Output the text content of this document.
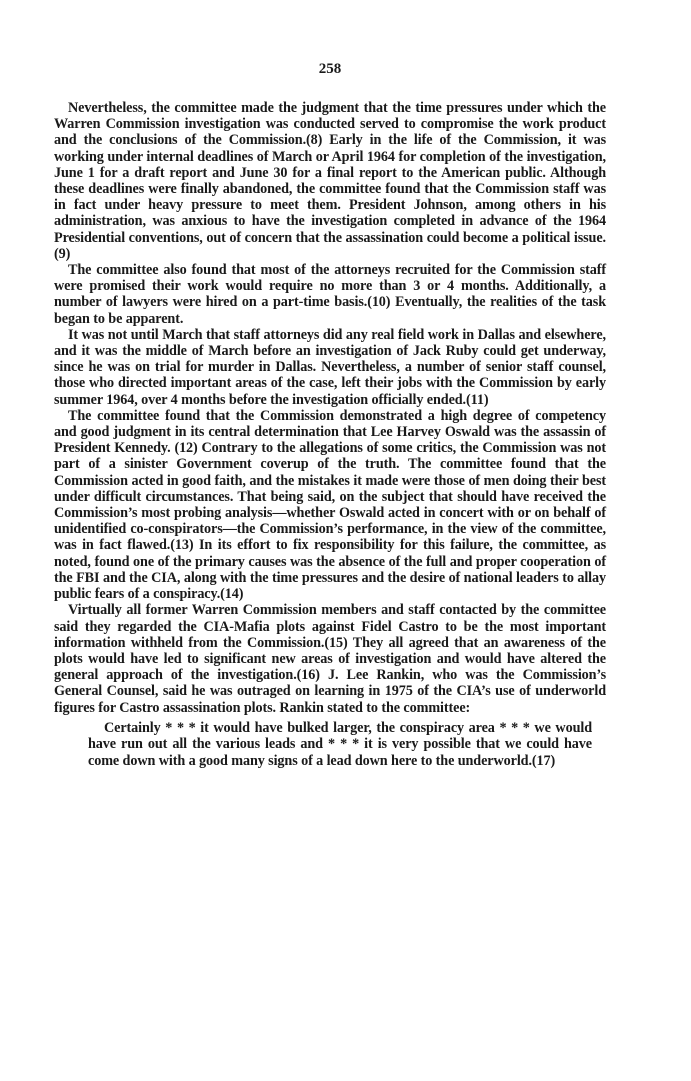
258

Nevertheless, the committee made the judgment that the time pressures under which the Warren Commission investigation was conducted served to compromise the work product and the conclusions of the Commission.(8) Early in the life of the Commission, it was working under internal deadlines of March or April 1964 for completion of the investigation, June 1 for a draft report and June 30 for a final report to the American public. Although these deadlines were finally abandoned, the committee found that the Commission staff was in fact under heavy pressure to meet them. President Johnson, among others in his administration, was anxious to have the investigation completed in advance of the 1964 Presidential conventions, out of concern that the assassination could become a political issue.(9)

The committee also found that most of the attorneys recruited for the Commission staff were promised their work would require no more than 3 or 4 months. Additionally, a number of lawyers were hired on a part-time basis.(10) Eventually, the realities of the task began to be apparent.

It was not until March that staff attorneys did any real field work in Dallas and elsewhere, and it was the middle of March before an investigation of Jack Ruby could get underway, since he was on trial for murder in Dallas. Nevertheless, a number of senior staff counsel, those who directed important areas of the case, left their jobs with the Commission by early summer 1964, over 4 months before the investigation officially ended.(11)

The committee found that the Commission demonstrated a high degree of competency and good judgment in its central determination that Lee Harvey Oswald was the assassin of President Kennedy. (12) Contrary to the allegations of some critics, the Commission was not part of a sinister Government coverup of the truth. The committee found that the Commission acted in good faith, and the mistakes it made were those of men doing their best under difficult circumstances. That being said, on the subject that should have received the Commission’s most probing analysis—whether Oswald acted in concert with or on behalf of unidentified co-conspirators—the Commission’s performance, in the view of the committee, was in fact flawed.(13) In its effort to fix responsibility for this failure, the committee, as noted, found one of the primary causes was the absence of the full and proper cooperation of the FBI and the CIA, along with the time pressures and the desire of national leaders to allay public fears of a conspiracy.(14)

Virtually all former Warren Commission members and staff contacted by the committee said they regarded the CIA-Mafia plots against Fidel Castro to be the most important information withheld from the Commission.(15) They all agreed that an awareness of the plots would have led to significant new areas of investigation and would have altered the general approach of the investigation.(16) J. Lee Rankin, who was the Commission’s General Counsel, said he was outraged on learning in 1975 of the CIA’s use of underworld figures for Castro assassination plots. Rankin stated to the committee:

Certainly * * * it would have bulked larger, the conspiracy area * * * we would have run out all the various leads and * * * it is very possible that we could have come down with a good many signs of a lead down here to the underworld.(17)
